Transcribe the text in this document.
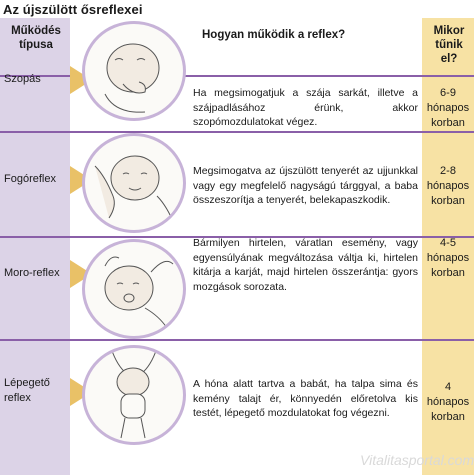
Az újszülött ősreflexei
Működés típusa
Hogyan működik a reflex?	Mikor tűnik el?
Szopás
Ha megsimogatjuk a szája sarkát, illetve a szájpadlásához érünk, akkor szopómozdulatokat végez.
6-9 hónapos korban
Fogóreflex
Megsimogatva az újszülött tenyerét az ujjunkkal vagy egy megfelelő nagyságú tárggyal, a baba összeszorítja a tenyerét, belekapaszkodik.
2-8 hónapos korban
Moro-reflex
Bármilyen hirtelen, váratlan esemény, vagy egyensúlyának megváltozása váltja ki, hirtelen kitárja a karját, majd hirtelen összerántja: gyors mozgások sorozata.
4-5 hónapos korban
Lépegető reflex
A hóna alatt tartva a babát, ha talpa sima és kemény talajt ér, könnyedén előretolva kis testét, lépegető mozdulatokat fog végezni.
4 hónapos korban
Vitalitasportal.com
